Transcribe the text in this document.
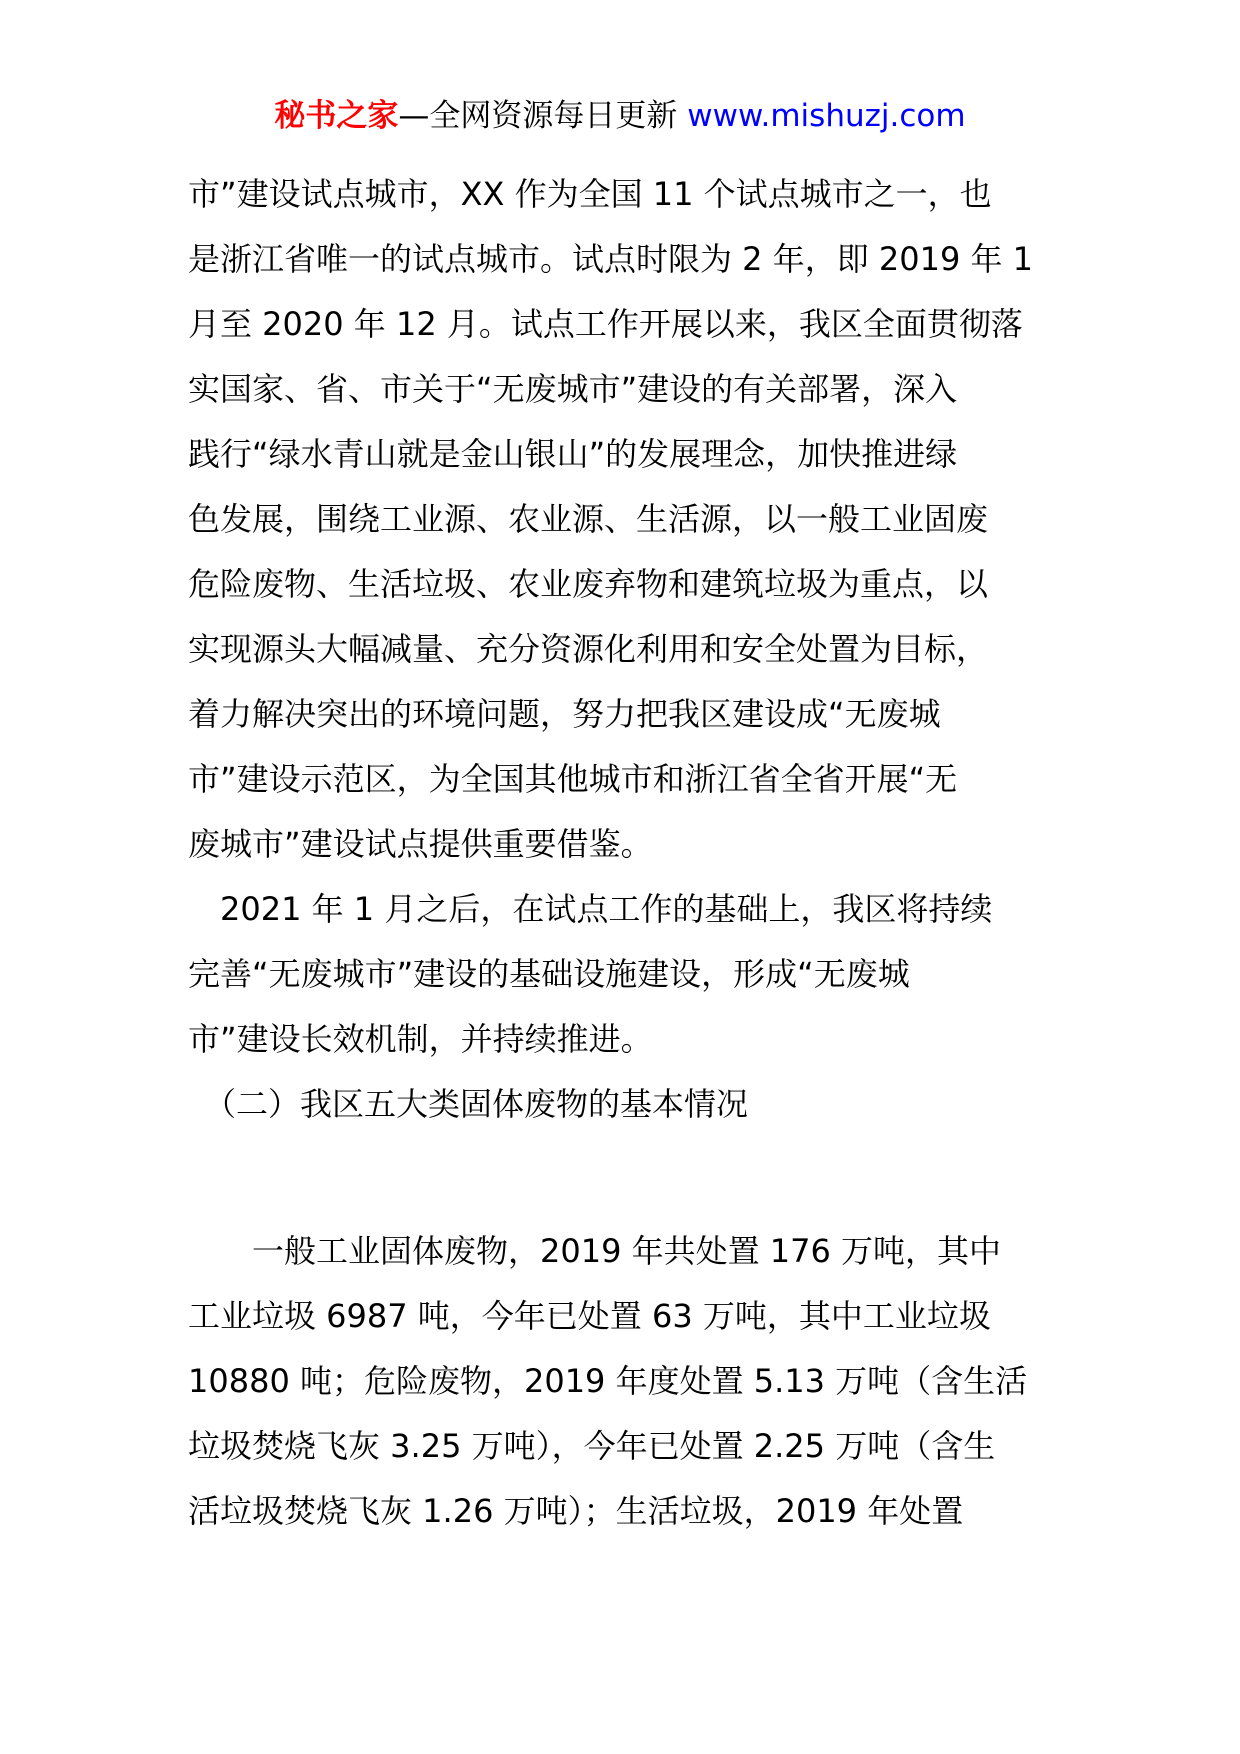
秘书之家—全网资源每日更新 www.mishuzj.com
市”建设试点城市，XX 作为全国 11 个试点城市之一，也
是浙江省唯一的试点城市。试点时限为 2 年，即 2019 年 1
月至 2020 年 12 月。试点工作开展以来，我区全面贯彻落
实国家、省、市关于“无废城市”建设的有关部署，深入
践行“绿水青山就是金山银山”的发展理念，加快推进绿
色发展，围绕工业源、农业源、生活源，以一般工业固废
危险废物、生活垃圾、农业废弃物和建筑垃圾为重点，以
实现源头大幅减量、充分资源化利用和安全处置为目标，
着力解决突出的环境问题，努力把我区建设成“无废城
市”建设示范区，为全国其他城市和浙江省全省开展“无
废城市”建设试点提供重要借鉴。
　2021 年 1 月之后，在试点工作的基础上，我区将持续
完善“无废城市”建设的基础设施建设，形成“无废城
市”建设长效机制，并持续推进。
　（二）我区五大类固体废物的基本情况
　　一般工业固体废物，2019 年共处置 176 万吨，其中
工业垃圾 6987 吨，今年已处置 63 万吨，其中工业垃圾
10880 吨；危险废物，2019 年度处置 5.13 万吨（含生活
垃圾焚烧飞灰 3.25 万吨），今年已处置 2.25 万吨（含生
活垃圾焚烧飞灰 1.26 万吨）；生活垃圾，2019 年处置
